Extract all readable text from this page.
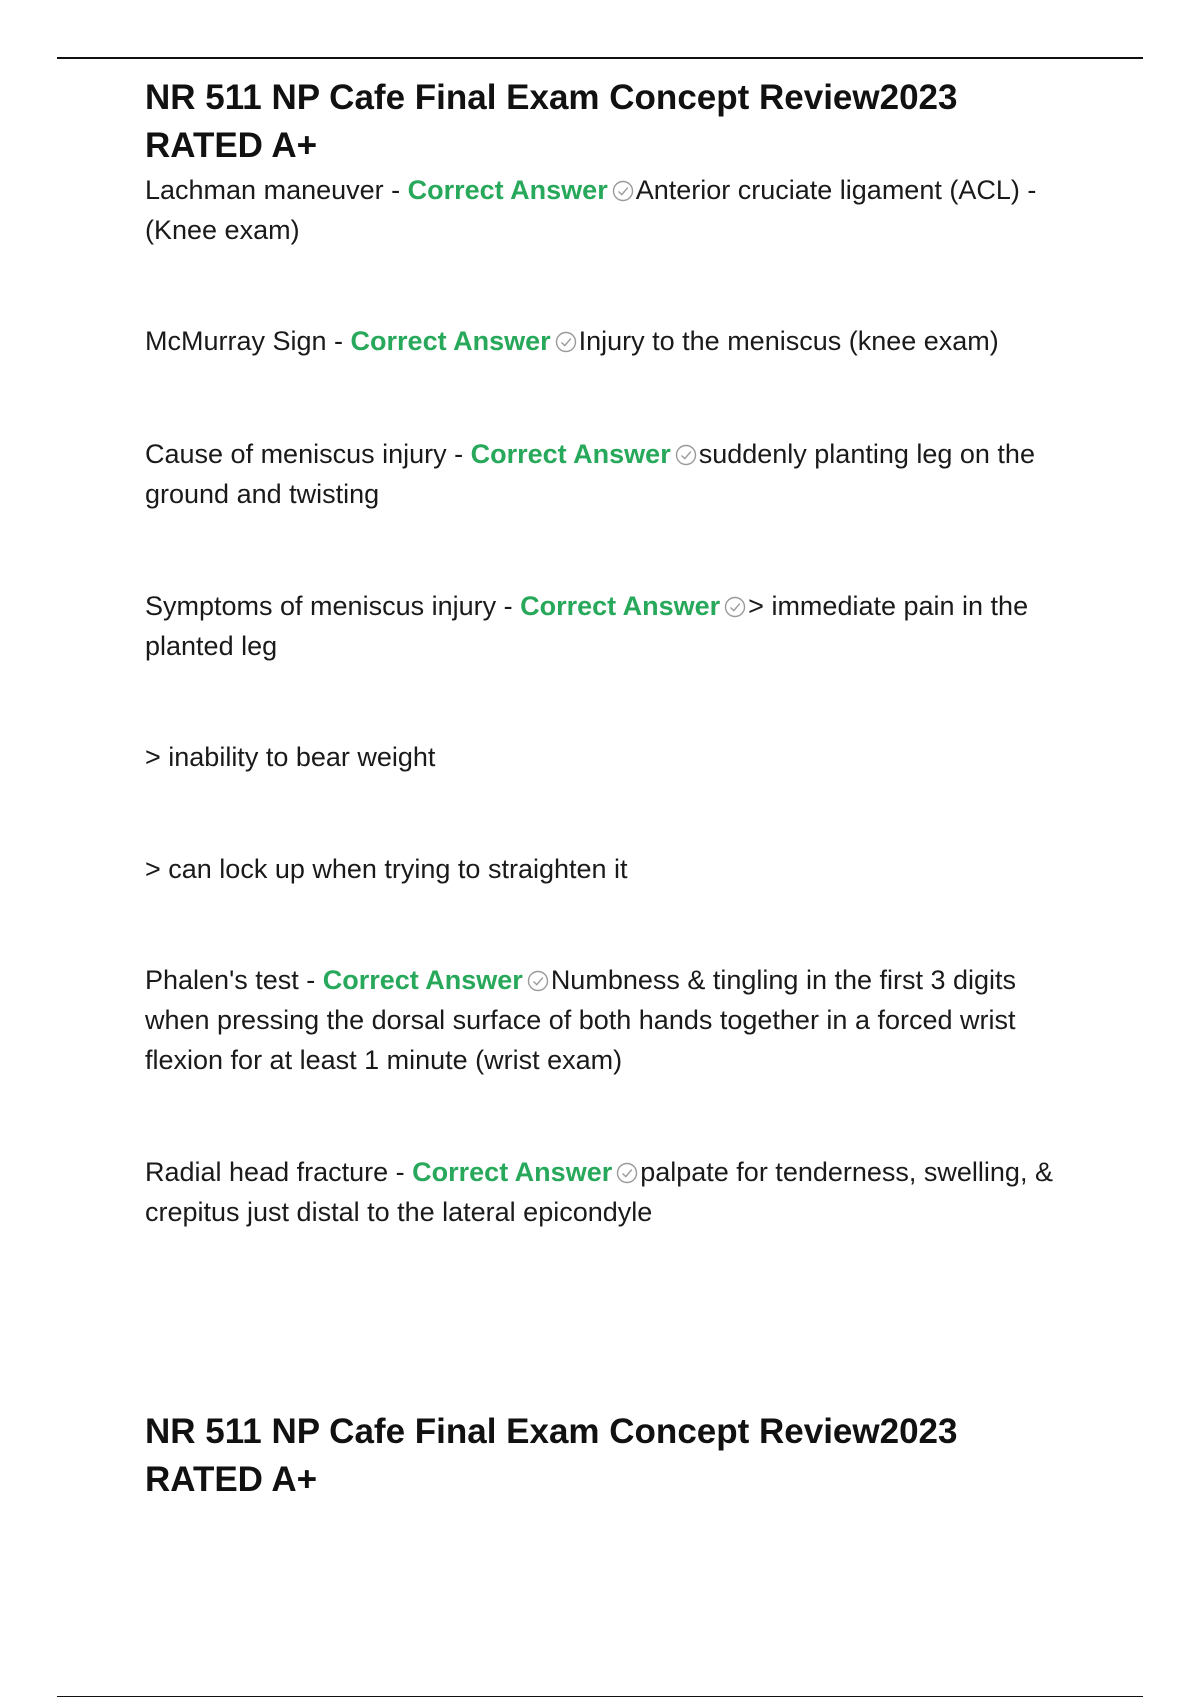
NR 511 NP Cafe Final Exam Concept Review2023 RATED A+

Lachman maneuver - Correct Answer Anterior cruciate ligament (ACL) - (Knee exam)

McMurray Sign - Correct Answer Injury to the meniscus (knee exam)

Cause of meniscus injury - Correct Answer suddenly planting leg on the ground and twisting

Symptoms of meniscus injury - Correct Answer > immediate pain in the planted leg

> inability to bear weight

> can lock up when trying to straighten it

Phalen's test - Correct Answer Numbness & tingling in the first 3 digits when pressing the dorsal surface of both hands together in a forced wrist flexion for at least 1 minute (wrist exam)

Radial head fracture - Correct Answer palpate for tenderness, swelling, & crepitus just distal to the lateral epicondyle

NR 511 NP Cafe Final Exam Concept Review2023 RATED A+
